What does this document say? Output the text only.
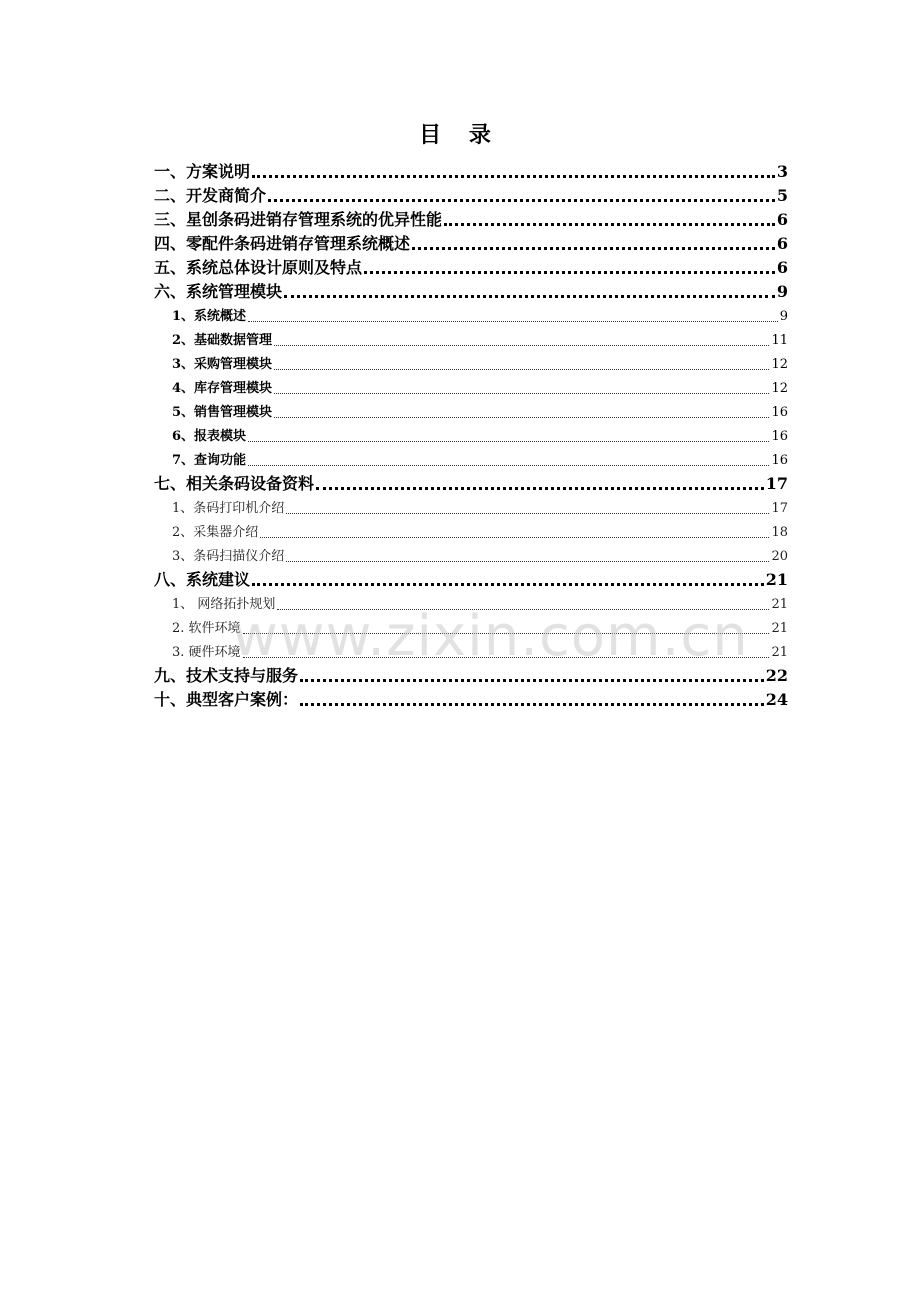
目 录
一、方案说明	3
二、开发商简介	5
三、星创条码进销存管理系统的优异性能	6
四、零配件条码进销存管理系统概述	6
五、系统总体设计原则及特点	6
六、系统管理模块	9
1、系统概述	9
2、基础数据管理	11
3、采购管理模块	12
4、库存管理模块	12
5、销售管理模块	16
6、报表模块	16
7、查询功能	16
七、相关条码设备资料	17
1、条码打印机介绍	17
2、采集器介绍	18
3、条码扫描仪介绍	20
八、系统建议	21
1、 网络拓扑规划	21
2. 软件环境	21
3. 硬件环境	21
九、技术支持与服务	22
十、典型客户案例：	24
www.zixin.com.cn
